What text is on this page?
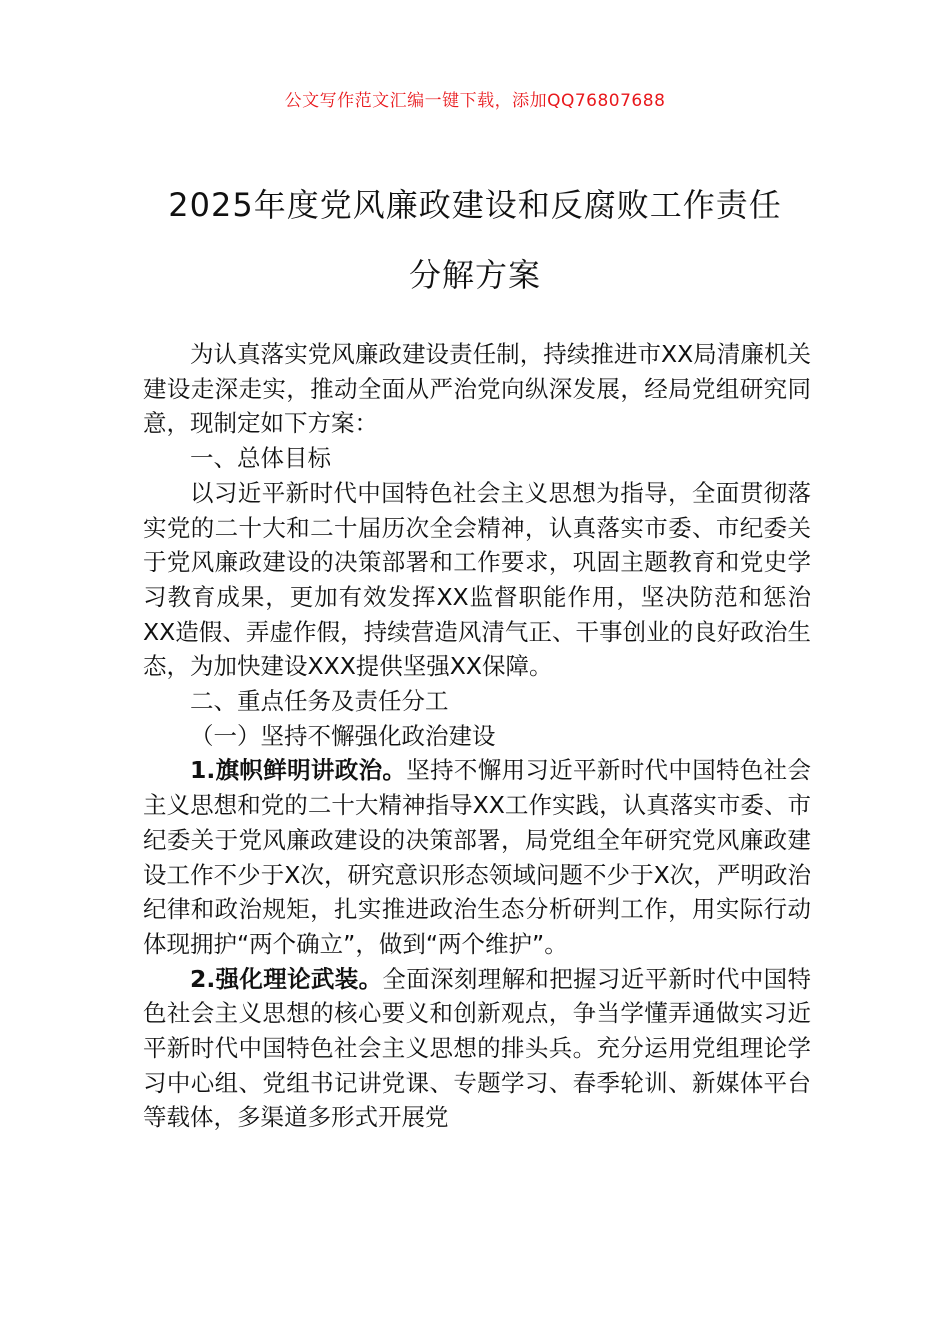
公文写作范文汇编一键下载，添加QQ76807688
2025年度党风廉政建设和反腐败工作责任
分解方案

为认真落实党风廉政建设责任制，持续推进市XX局清廉机关建设走深走实，推动全面从严治党向纵深发展，经局党组研究同意，现制定如下方案：

一、总体目标

以习近平新时代中国特色社会主义思想为指导，全面贯彻落实党的二十大和二十届历次全会精神，认真落实市委、市纪委关于党风廉政建设的决策部署和工作要求，巩固主题教育和党史学习教育成果，更加有效发挥XX监督职能作用，坚决防范和惩治XX造假、弄虚作假，持续营造风清气正、干事创业的良好政治生态，为加快建设XXX提供坚强XX保障。

二、重点任务及责任分工

（一）坚持不懈强化政治建设

1.旗帜鲜明讲政治。坚持不懈用习近平新时代中国特色社会主义思想和党的二十大精神指导XX工作实践，认真落实市委、市纪委关于党风廉政建设的决策部署，局党组全年研究党风廉政建设工作不少于X次，研究意识形态领域问题不少于X次，严明政治纪律和政治规矩，扎实推进政治生态分析研判工作，用实际行动体现拥护“两个确立”，做到“两个维护”。

2.强化理论武装。全面深刻理解和把握习近平新时代中国特色社会主义思想的核心要义和创新观点，争当学懂弄通做实习近平新时代中国特色社会主义思想的排头兵。充分运用党组理论学习中心组、党组书记讲党课、专题学习、春季轮训、新媒体平台等载体，多渠道多形式开展党
